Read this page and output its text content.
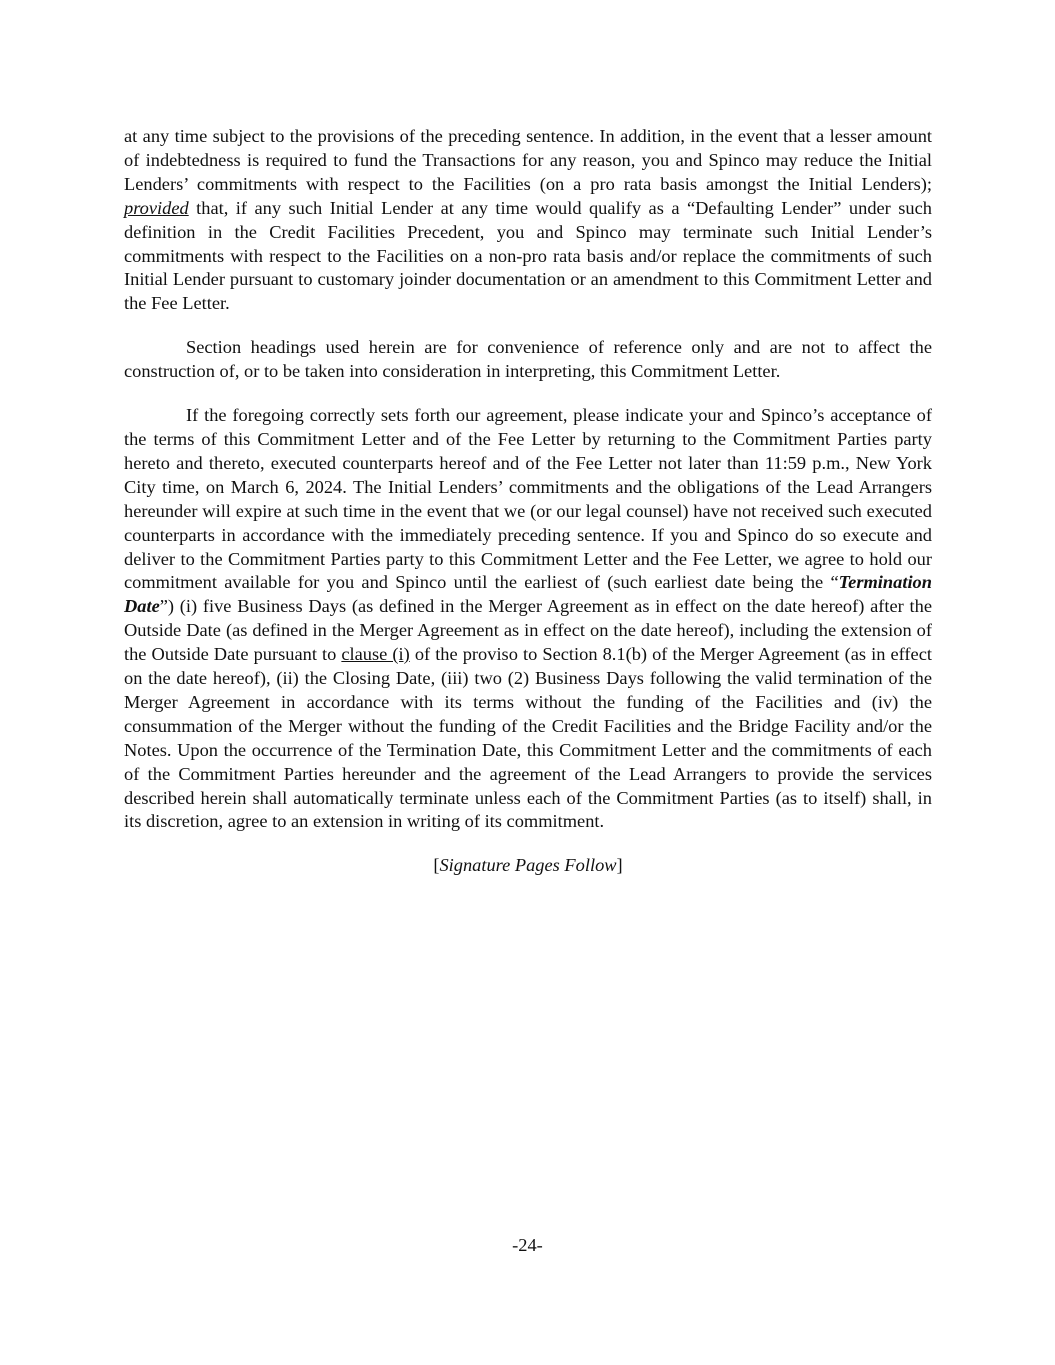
at any time subject to the provisions of the preceding sentence. In addition, in the event that a lesser amount of indebtedness is required to fund the Transactions for any reason, you and Spinco may reduce the Initial Lenders’ commitments with respect to the Facilities (on a pro rata basis amongst the Initial Lenders); provided that, if any such Initial Lender at any time would qualify as a “Defaulting Lender” under such definition in the Credit Facilities Precedent, you and Spinco may terminate such Initial Lender’s commitments with respect to the Facilities on a non-pro rata basis and/or replace the commitments of such Initial Lender pursuant to customary joinder documentation or an amendment to this Commitment Letter and the Fee Letter.

Section headings used herein are for convenience of reference only and are not to affect the construction of, or to be taken into consideration in interpreting, this Commitment Letter.

If the foregoing correctly sets forth our agreement, please indicate your and Spinco’s acceptance of the terms of this Commitment Letter and of the Fee Letter by returning to the Commitment Parties party hereto and thereto, executed counterparts hereof and of the Fee Letter not later than 11:59 p.m., New York City time, on March 6, 2024. The Initial Lenders’ commitments and the obligations of the Lead Arrangers hereunder will expire at such time in the event that we (or our legal counsel) have not received such executed counterparts in accordance with the immediately preceding sentence. If you and Spinco do so execute and deliver to the Commitment Parties party to this Commitment Letter and the Fee Letter, we agree to hold our commitment available for you and Spinco until the earliest of (such earliest date being the “Termination Date”) (i) five Business Days (as defined in the Merger Agreement as in effect on the date hereof) after the Outside Date (as defined in the Merger Agreement as in effect on the date hereof), including the extension of the Outside Date pursuant to clause (i) of the proviso to Section 8.1(b) of the Merger Agreement (as in effect on the date hereof), (ii) the Closing Date, (iii) two (2) Business Days following the valid termination of the Merger Agreement in accordance with its terms without the funding of the Facilities and (iv) the consummation of the Merger without the funding of the Credit Facilities and the Bridge Facility and/or the Notes. Upon the occurrence of the Termination Date, this Commitment Letter and the commitments of each of the Commitment Parties hereunder and the agreement of the Lead Arrangers to provide the services described herein shall automatically terminate unless each of the Commitment Parties (as to itself) shall, in its discretion, agree to an extension in writing of its commitment.

[Signature Pages Follow]
-24-
